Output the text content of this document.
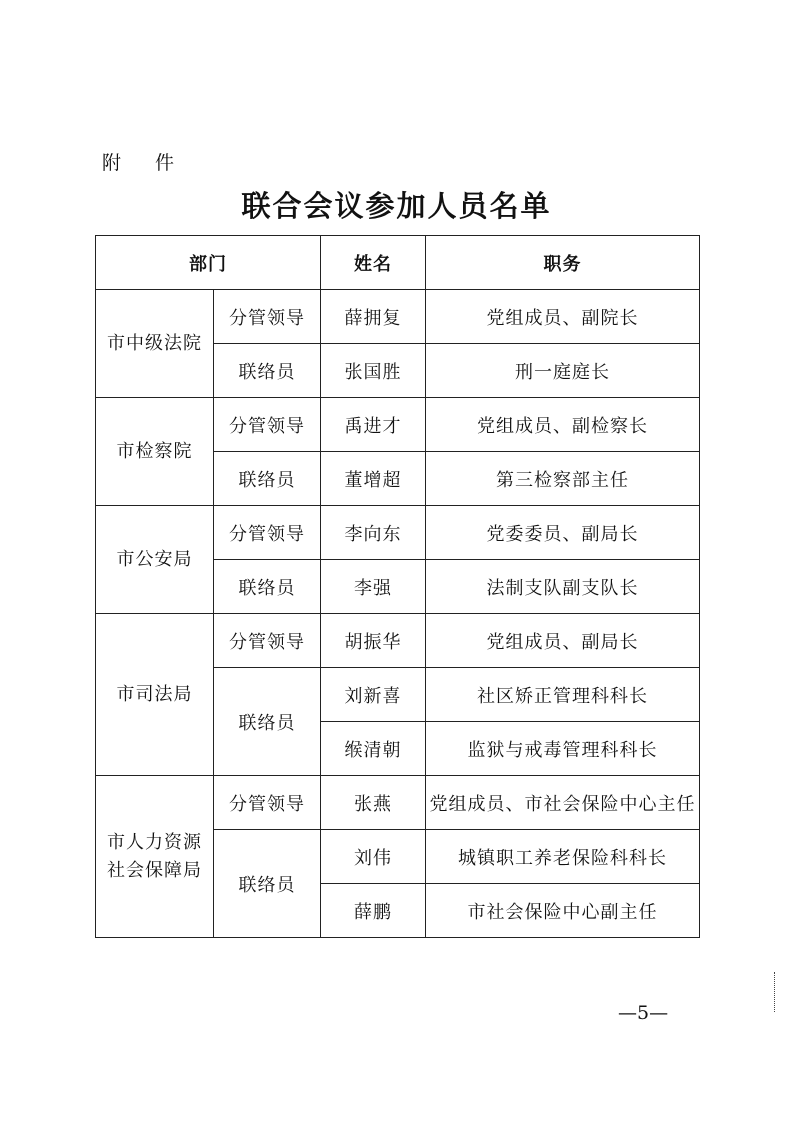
附 件
联合会议参加人员名单
部门		姓名	职务
市中级法院	分管领导	薛拥复	党组成员、副院长
	联络员	张国胜	刑一庭庭长
市检察院	分管领导	禹进才	党组成员、副检察长
	联络员	董增超	第三检察部主任
市公安局	分管领导	李向东	党委委员、副局长
	联络员	李强	法制支队副支队长
市司法局	分管领导	胡振华	党组成员、副局长
	联络员	刘新喜	社区矫正管理科科长
		缑清朝	监狱与戒毒管理科科长

市人力资源
社会保障局	分管领导	张燕	党组成员、市社会保险中心主任
	联络员	刘伟	城镇职工养老保险科科长
		薛鹏	市社会保险中心副主任
—5—
